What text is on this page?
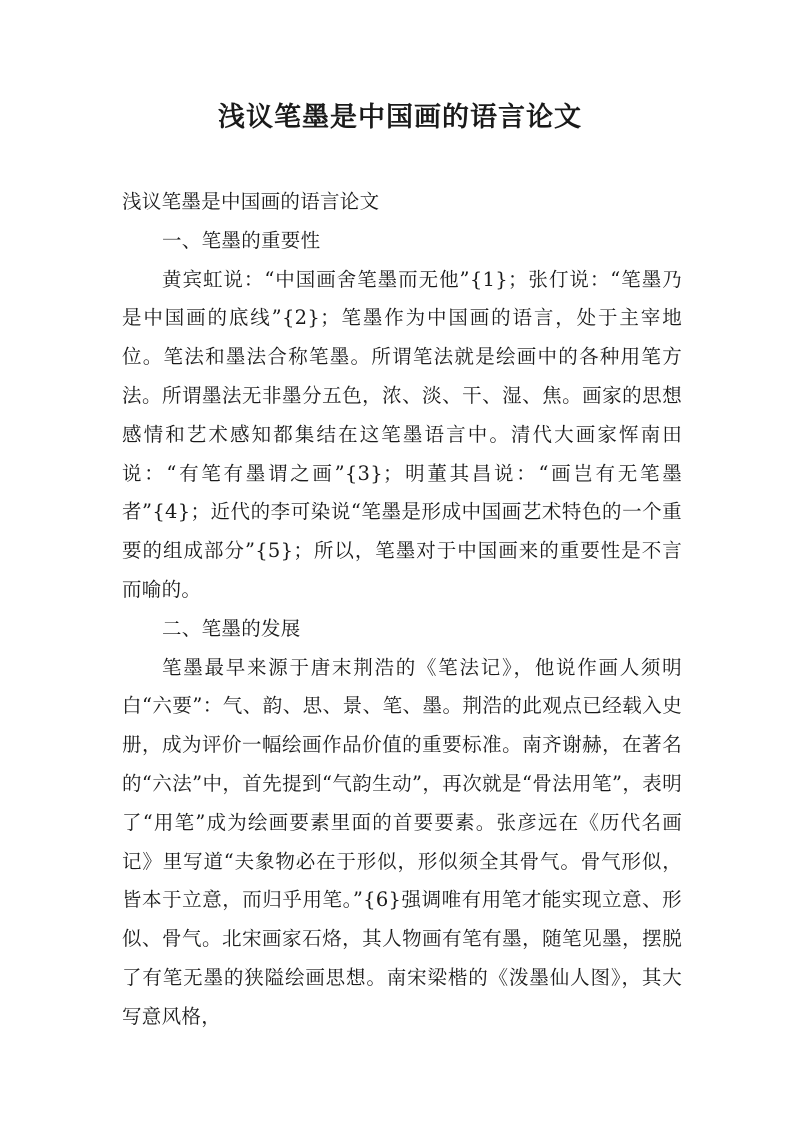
浅议笔墨是中国画的语言论文

浅议笔墨是中国画的语言论文

一、笔墨的重要性

黄宾虹说：“中国画舍笔墨而无他”{1}；张仃说：“笔墨乃是中国画的底线”{2}；笔墨作为中国画的语言，处于主宰地位。笔法和墨法合称笔墨。所谓笔法就是绘画中的各种用笔方法。所谓墨法无非墨分五色，浓、淡、干、湿、焦。画家的思想感情和艺术感知都集结在这笔墨语言中。清代大画家恽南田说：“有笔有墨谓之画”{3}；明董其昌说：“画岂有无笔墨者”{4}；近代的李可染说“笔墨是形成中国画艺术特色的一个重要的组成部分”{5}；所以，笔墨对于中国画来的重要性是不言而喻的。

二、笔墨的发展

笔墨最早来源于唐末荆浩的《笔法记》，他说作画人须明白“六要”：气、韵、思、景、笔、墨。荆浩的此观点已经载入史册，成为评价一幅绘画作品价值的重要标准。南齐谢赫，在著名的“六法”中，首先提到“气韵生动”，再次就是“骨法用笔”，表明了“用笔”成为绘画要素里面的首要要素。张彦远在《历代名画记》里写道“夫象物必在于形似，形似须全其骨气。骨气形似，皆本于立意，而归乎用笔。”{6}强调唯有用笔才能实现立意、形似、骨气。北宋画家石烙，其人物画有笔有墨，随笔见墨，摆脱了有笔无墨的狭隘绘画思想。南宋梁楷的《泼墨仙人图》，其大写意风格，
